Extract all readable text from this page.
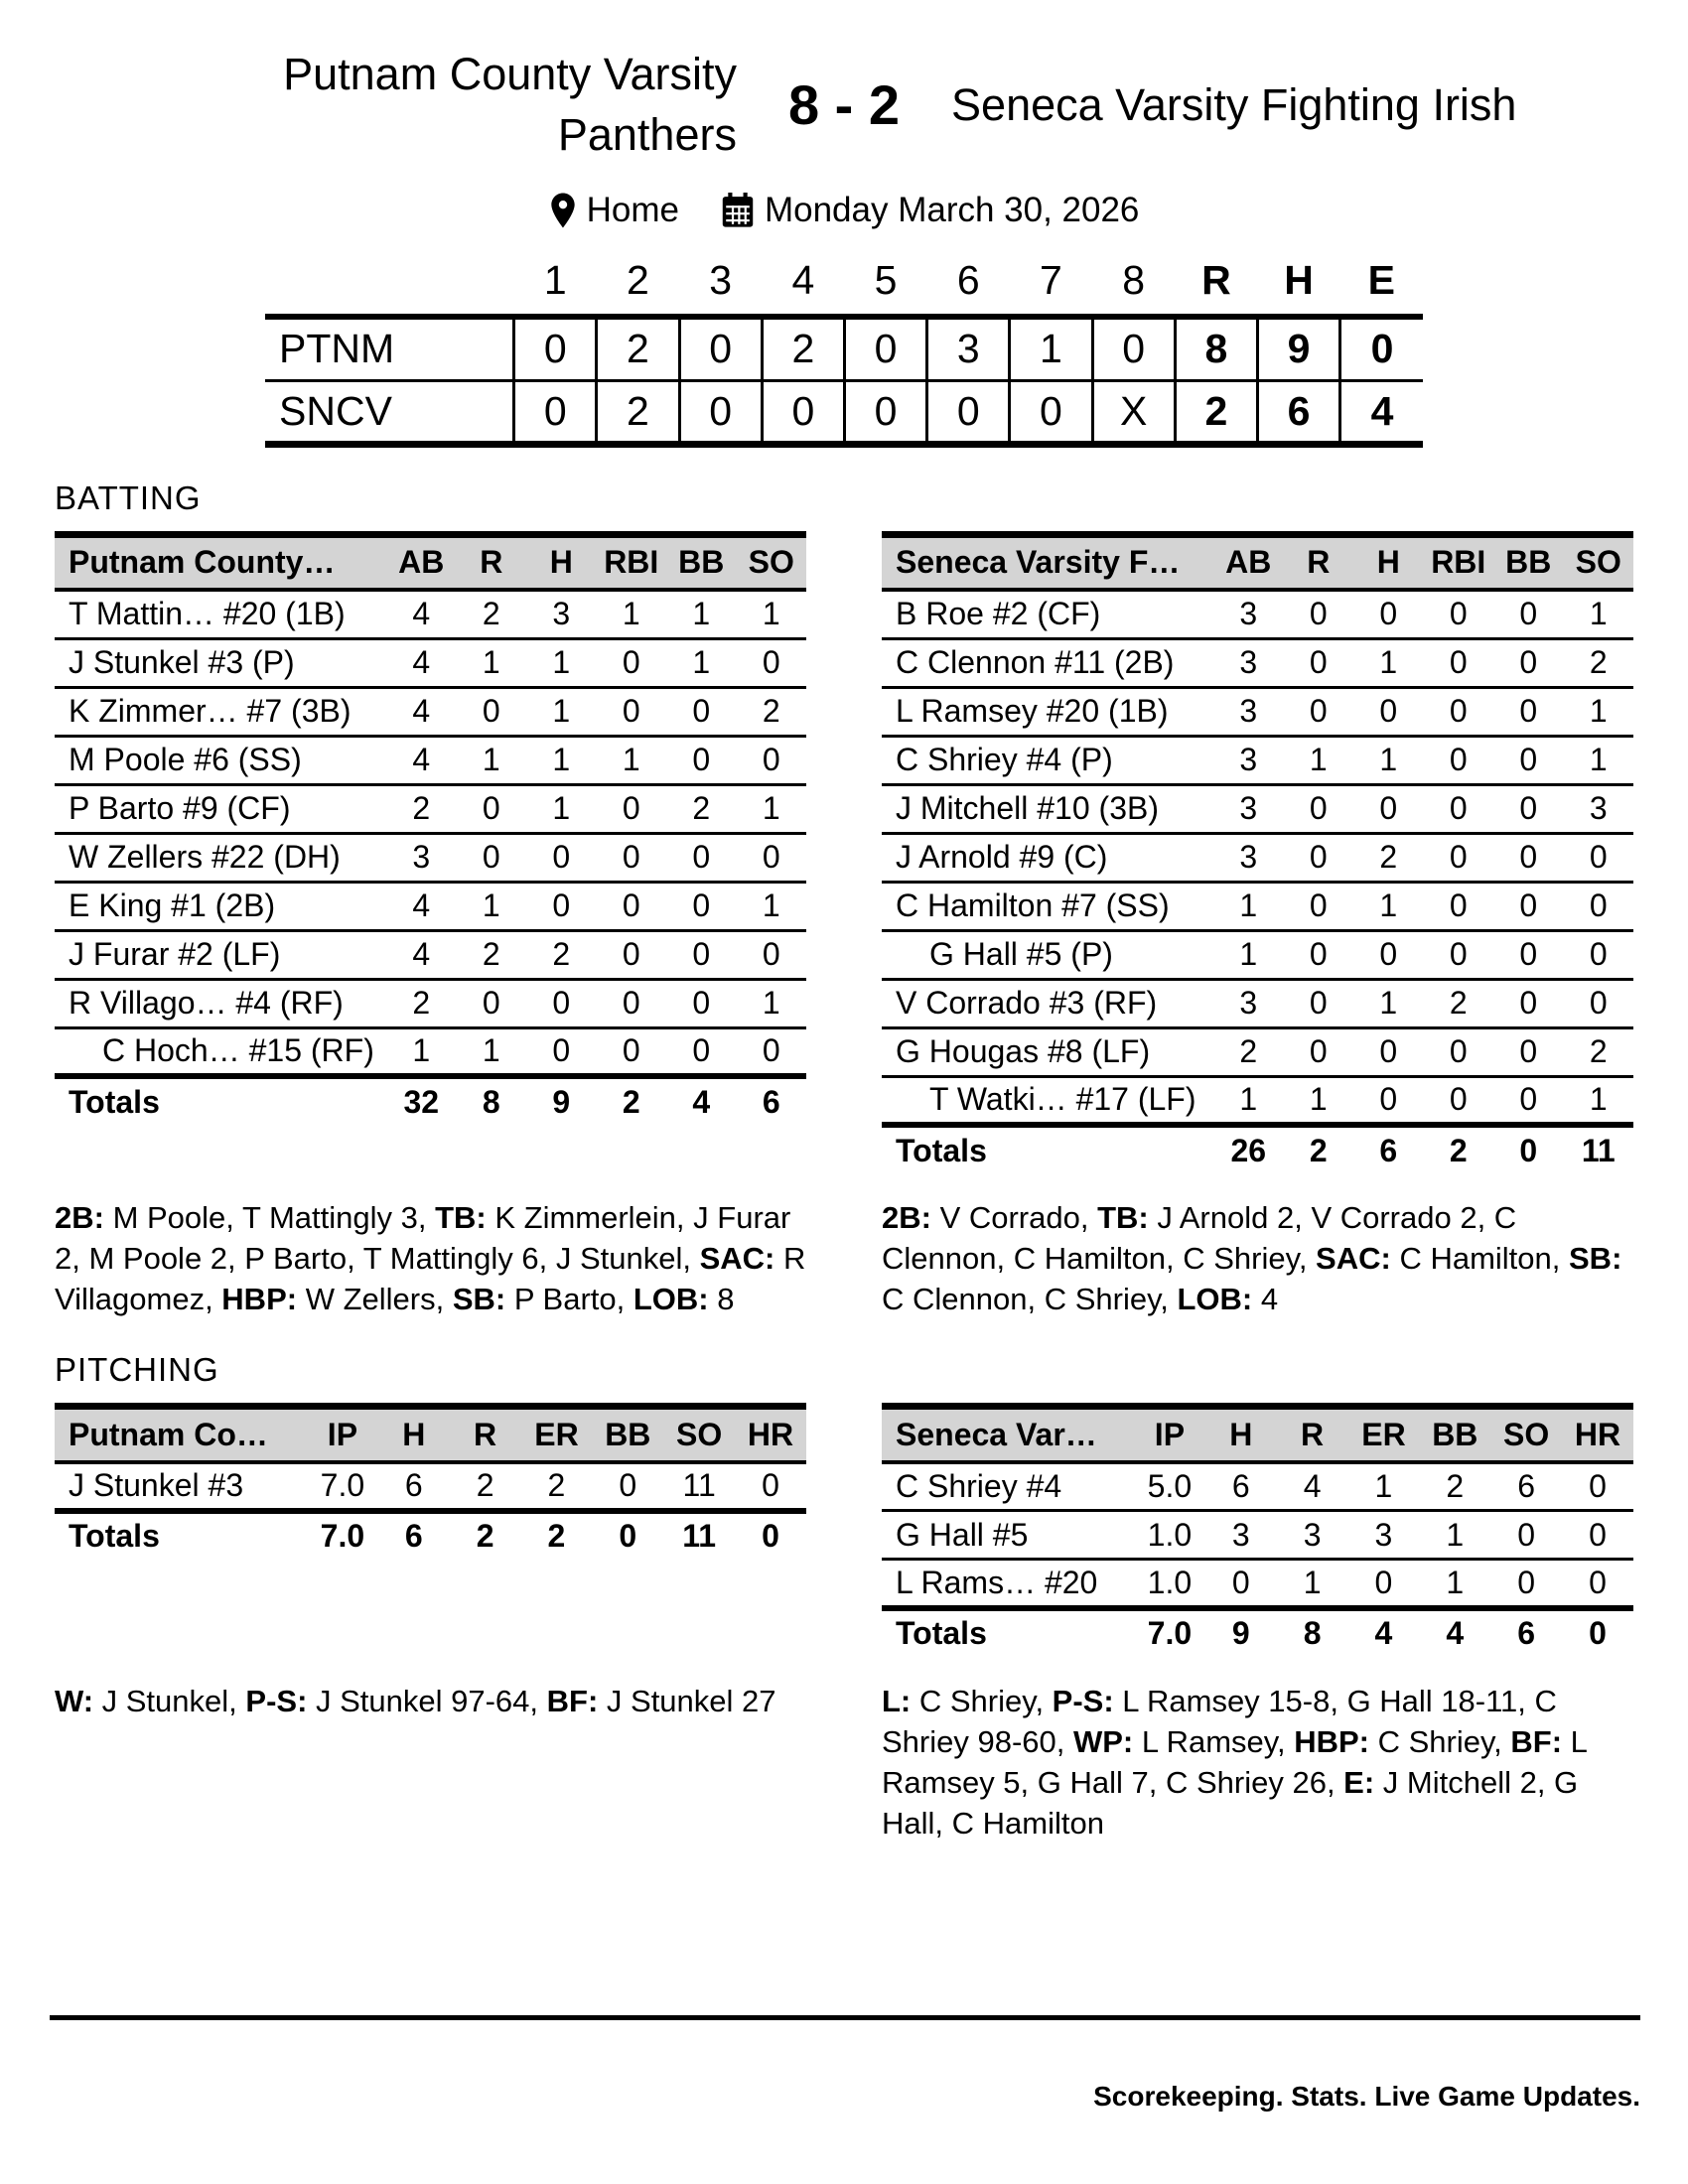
Putnam County Varsity Panthers 8 - 2 Seneca Varsity Fighting Irish
Home Monday March 30, 2026
	1	2	3	4	5	6	7	8	R	H	E
PTNM	0	2	0	2	0	3	1	0	8	9	0
SNCV	0	2	0	0	0	0	0	X	2	6	4
BATTING
Putnam County…	AB	R	H	RBI	BB	SO
T Mattin… #20 (1B)	4	2	3	1	1	1
J Stunkel #3 (P)	4	1	1	0	1	0
K Zimmer… #7 (3B)	4	0	1	0	0	2
M Poole #6 (SS)	4	1	1	1	0	0
P Barto #9 (CF)	2	0	1	0	2	1
W Zellers #22 (DH)	3	0	0	0	0	0
E King #1 (2B)	4	1	0	0	0	1
J Furar #2 (LF)	4	2	2	0	0	0
R Villago… #4 (RF)	2	0	0	0	0	1
C Hoch… #15 (RF)	1	1	0	0	0	0
Totals	32	8	9	2	4	6
Seneca Varsity F…	AB	R	H	RBI	BB	SO
B Roe #2 (CF)	3	0	0	0	0	1
C Clennon #11 (2B)	3	0	1	0	0	2
L Ramsey #20 (1B)	3	0	0	0	0	1
C Shriey #4 (P)	3	1	1	0	0	1
J Mitchell #10 (3B)	3	0	0	0	0	3
J Arnold #9 (C)	3	0	2	0	0	0
C Hamilton #7 (SS)	1	0	1	0	0	0
G Hall #5 (P)	1	0	0	0	0	0
V Corrado #3 (RF)	3	0	1	2	0	0
G Hougas #8 (LF)	2	0	0	0	0	2
T Watki… #17 (LF)	1	1	0	0	0	1
Totals	26	2	6	2	0	11

2B: M Poole, T Mattingly 3, TB: K Zimmerlein, J Furar 2, M Poole 2, P Barto, T Mattingly 6, J Stunkel, SAC: R Villagomez, HBP: W Zellers, SB: P Barto, LOB: 8

2B: V Corrado, TB: J Arnold 2, V Corrado 2, C Clennon, C Hamilton, C Shriey, SAC: C Hamilton, SB: C Clennon, C Shriey, LOB: 4

PITCHING
Putnam Co…	IP	H	R	ER	BB	SO	HR
J Stunkel #3	7.0	6	2	2	0	11	0
Totals	7.0	6	2	2	0	11	0
Seneca Var…	IP	H	R	ER	BB	SO	HR
C Shriey #4	5.0	6	4	1	2	6	0
G Hall #5	1.0	3	3	3	1	0	0
L Rams… #20	1.0	0	1	0	1	0	0
Totals	7.0	9	8	4	4	6	0

W: J Stunkel, P-S: J Stunkel 97-64, BF: J Stunkel 27	L: C Shriey, P-S: L Ramsey 15-8, G Hall 18-11, C Shriey 98-60, WP: L Ramsey, HBP: C Shriey, BF: L Ramsey 5, G Hall 7, C Shriey 26, E: J Mitchell 2, G Hall, C Hamilton

Scorekeeping. Stats. Live Game Updates.
